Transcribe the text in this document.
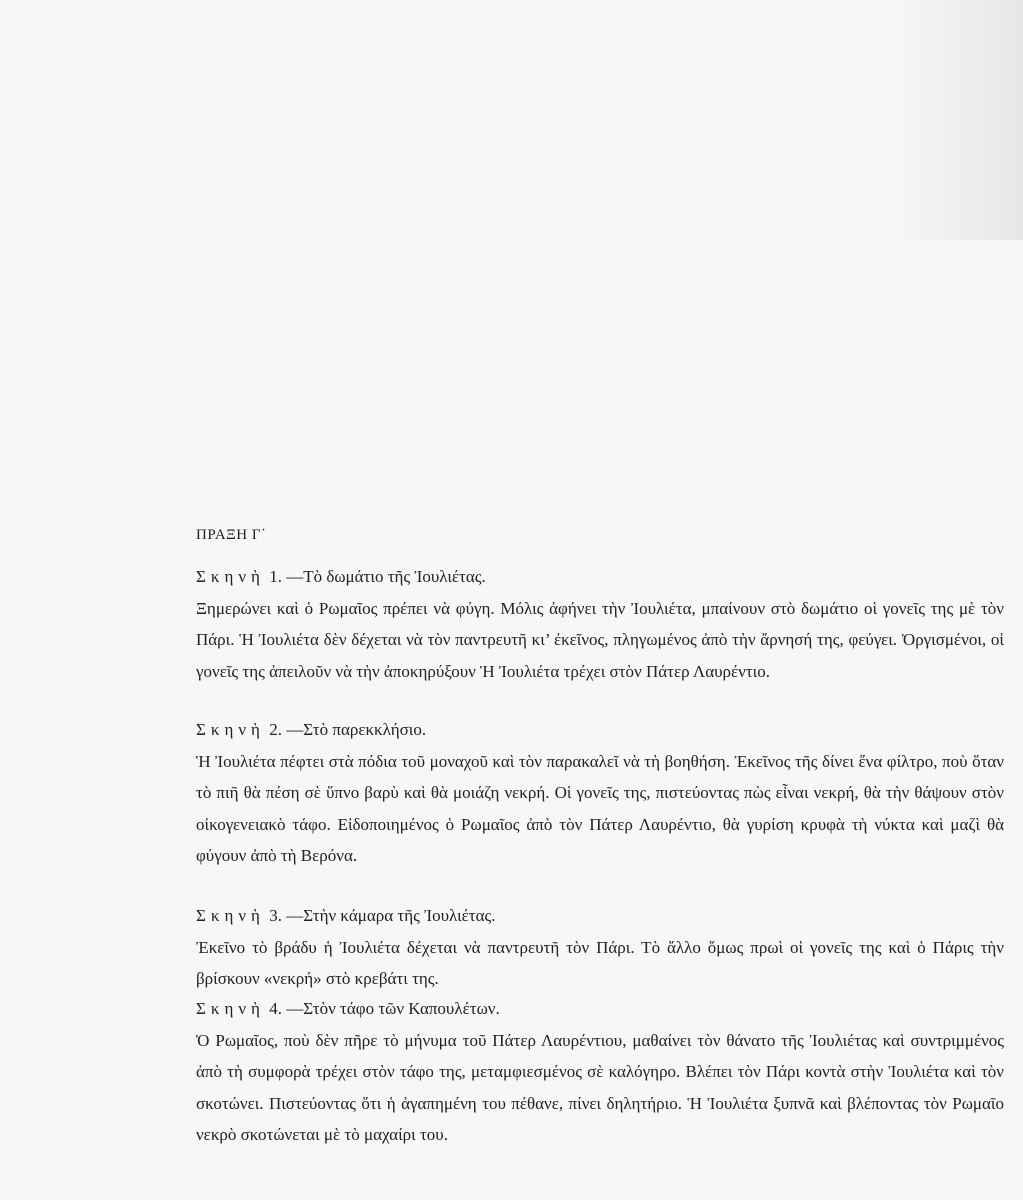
ΠΡΑΞΗ Γ΄
Σκηνὴ 1. —Τὸ δωμάτιο τῆς Ἰουλιέτας.
Ξημερώνει καὶ ὁ Ρωμαῖος πρέπει νὰ φύγη. Μόλις ἀφήνει τὴν Ἰουλιέτα, μπαίνουν στὸ δωμάτιο οἱ γονεῖς της μὲ τὸν Πάρι. Ἡ Ἰουλιέτα δὲν δέχεται νὰ τὸν παντρευτῆ κι’ ἐκεῖνος, πληγωμένος ἀπὸ τὴν ἄρνησή της, φεύγει. Ὀργισμένοι, οἱ γονεῖς της ἀπειλοῦν νὰ τὴν ἀποκηρύξουν Ἡ Ἰουλιέτα τρέχει στὸν Πάτερ Λαυρέντιο.
Σκηνὴ 2. —Στὸ παρεκκλήσιο.
Ἡ Ἰουλιέτα πέφτει στὰ πόδια τοῦ μοναχοῦ καὶ τὸν παρακαλεῖ νὰ τὴ βοηθήση. Ἐκεῖνος τῆς δίνει ἕνα φίλτρο, ποὺ ὅταν τὸ πιῆ θὰ πέση σὲ ὕπνο βαρὺ καὶ θὰ μοιάζη νεκρή. Οἱ γονεῖς της, πιστεύοντας πὼς εἶναι νεκρή, θὰ τὴν θάψουν στὸν οἰκογενειακὸ τάφο. Εἰδοποιημένος ὁ Ρωμαῖος ἀπὸ τὸν Πάτερ Λαυρέντιο, θὰ γυρίση κρυφὰ τὴ νύκτα καὶ μαζὶ θὰ φύγουν ἀπὸ τὴ Βερόνα.
Σκηνὴ 3. —Στὴν κάμαρα τῆς Ἰουλιέτας.
Ἐκεῖνο τὸ βράδυ ἡ Ἰουλιέτα δέχεται νὰ παντρευτῆ τὸν Πάρι. Τὸ ἄλλο ὅμως πρωὶ οἱ γονεῖς της καὶ ὁ Πάρις τὴν βρίσκουν «νεκρή» στὸ κρεβάτι της.
Σκηνὴ 4. —Στὸν τάφο τῶν Καπουλέτων.
Ὁ Ρωμαῖος, ποὺ δὲν πῆρε τὸ μήνυμα τοῦ Πάτερ Λαυρέντιου, μαθαίνει τὸν θάνατο τῆς Ἰουλιέτας καὶ συντριμμένος ἀπὸ τὴ συμφορὰ τρέχει στὸν τάφο της, μεταμφιεσμένος σὲ καλόγηρο. Βλέπει τὸν Πάρι κοντὰ στὴν Ἰουλιέτα καὶ τὸν σκοτώνει. Πιστεύοντας ὅτι ἡ ἀγαπημένη του πέθανε, πίνει δηλητήριο. Ἡ Ἰουλιέτα ξυπνᾶ καὶ βλέποντας τὸν Ρωμαῖο νεκρὸ σκοτώνεται μὲ τὸ μαχαίρι του.
